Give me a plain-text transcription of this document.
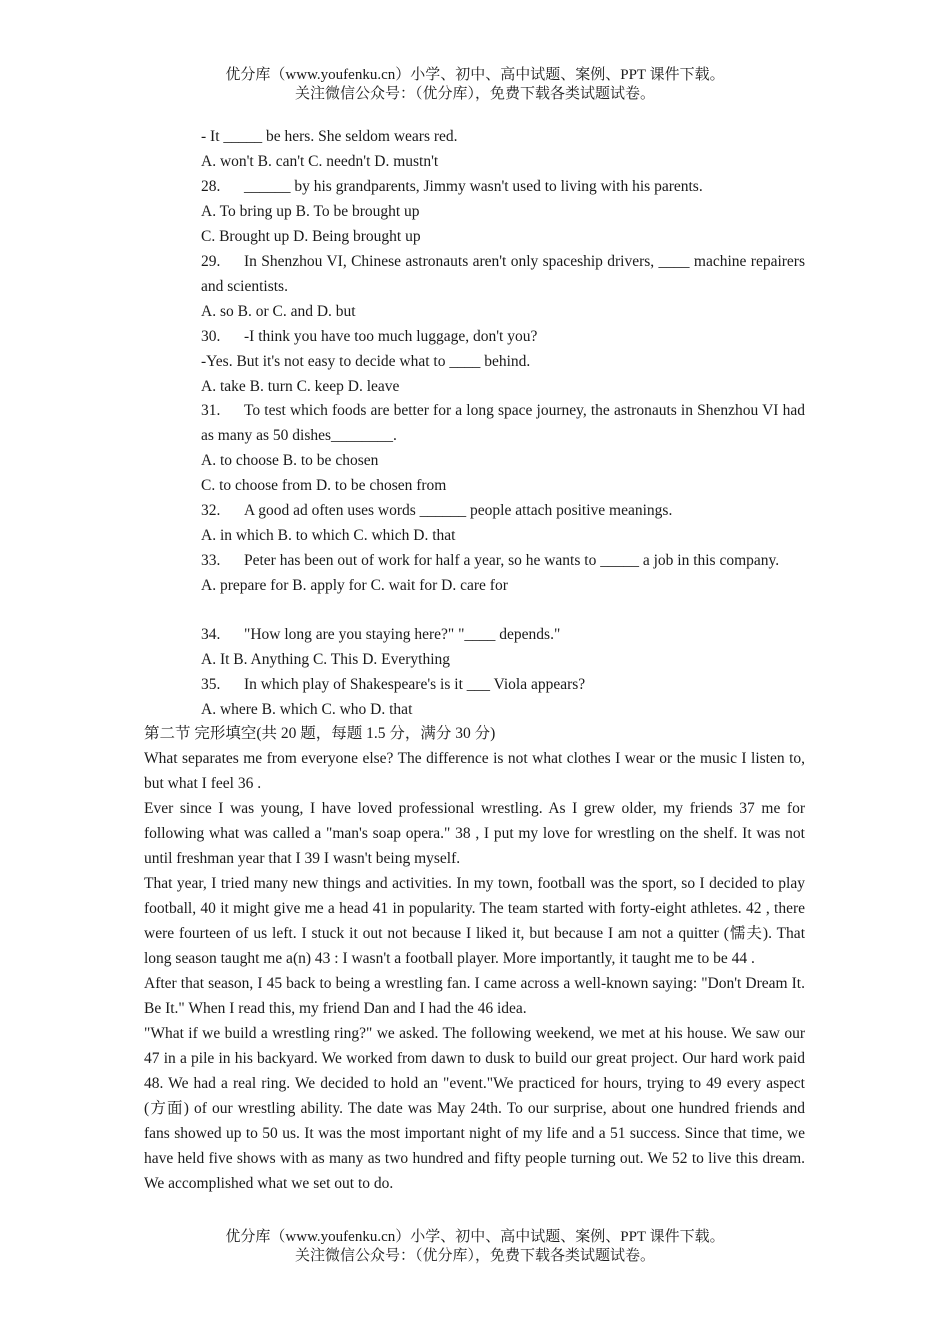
优分库（www.youfenku.cn）小学、初中、高中试题、案例、PPT 课件下载。
关注微信公众号：（优分库），免费下载各类试题试卷。

- It _____ be hers. She seldom wears red.

A. won't B. can't C. needn't D. mustn't

28. ______ by his grandparents, Jimmy wasn't used to living with his parents.

A. To bring up B. To be brought up

C. Brought up D. Being brought up

29. In Shenzhou VI, Chinese astronauts aren't only spaceship drivers, ____ machine repairers and scientists.

A. so B. or C. and D. but

30. -I think you have too much luggage, don't you?

-Yes. But it's not easy to decide what to ____ behind.

A. take B. turn C. keep D. leave

31. To test which foods are better for a long space journey, the astronauts in Shenzhou VI had as many as 50 dishes________.

A. to choose B. to be chosen

C. to choose from D. to be chosen from

32. A good ad often uses words ______ people attach positive meanings.

A. in which B. to which C. which D. that

33. Peter has been out of work for half a year, so he wants to _____ a job in this company.

A. prepare for B. apply for C. wait for D. care for

34. "How long are you staying here?" "____ depends."

A. It B. Anything C. This D. Everything

35. In which play of Shakespeare's is it ___ Viola appears?

A. where B. which C. who D. that

第二节 完形填空(共 20 题，每题 1.5 分，满分 30 分)

What separates me from everyone else? The difference is not what clothes I wear or the music I listen to, but what I feel 36 .

Ever since I was young, I have loved professional wrestling. As I grew older, my friends 37 me for following what was called a "man's soap opera." 38 , I put my love for wrestling on the shelf. It was not until freshman year that I 39 I wasn't being myself.

That year, I tried many new things and activities. In my town, football was the sport, so I decided to play football, 40 it might give me a head 41 in popularity. The team started with forty-eight athletes. 42 , there were fourteen of us left. I stuck it out not because I liked it, but because I am not a quitter (懦夫). That long season taught me a(n) 43 : I wasn't a football player. More importantly, it taught me to be 44 .

After that season, I 45 back to being a wrestling fan. I came across a well-known saying: "Don't Dream It. Be It." When I read this, my friend Dan and I had the 46 idea.

"What if we build a wrestling ring?" we asked. The following weekend, we met at his house. We saw our 47 in a pile in his backyard. We worked from dawn to dusk to build our great project. Our hard work paid 48. We had a real ring. We decided to hold an "event."We practiced for hours, trying to 49 every aspect (方面) of our wrestling ability. The date was May 24th. To our surprise, about one hundred friends and fans showed up to 50 us. It was the most important night of my life and a 51 success. Since that time, we have held five shows with as many as two hundred and fifty people turning out. We 52 to live this dream. We accomplished what we set out to do.

优分库（www.youfenku.cn）小学、初中、高中试题、案例、PPT 课件下载。
关注微信公众号：（优分库），免费下载各类试题试卷。
